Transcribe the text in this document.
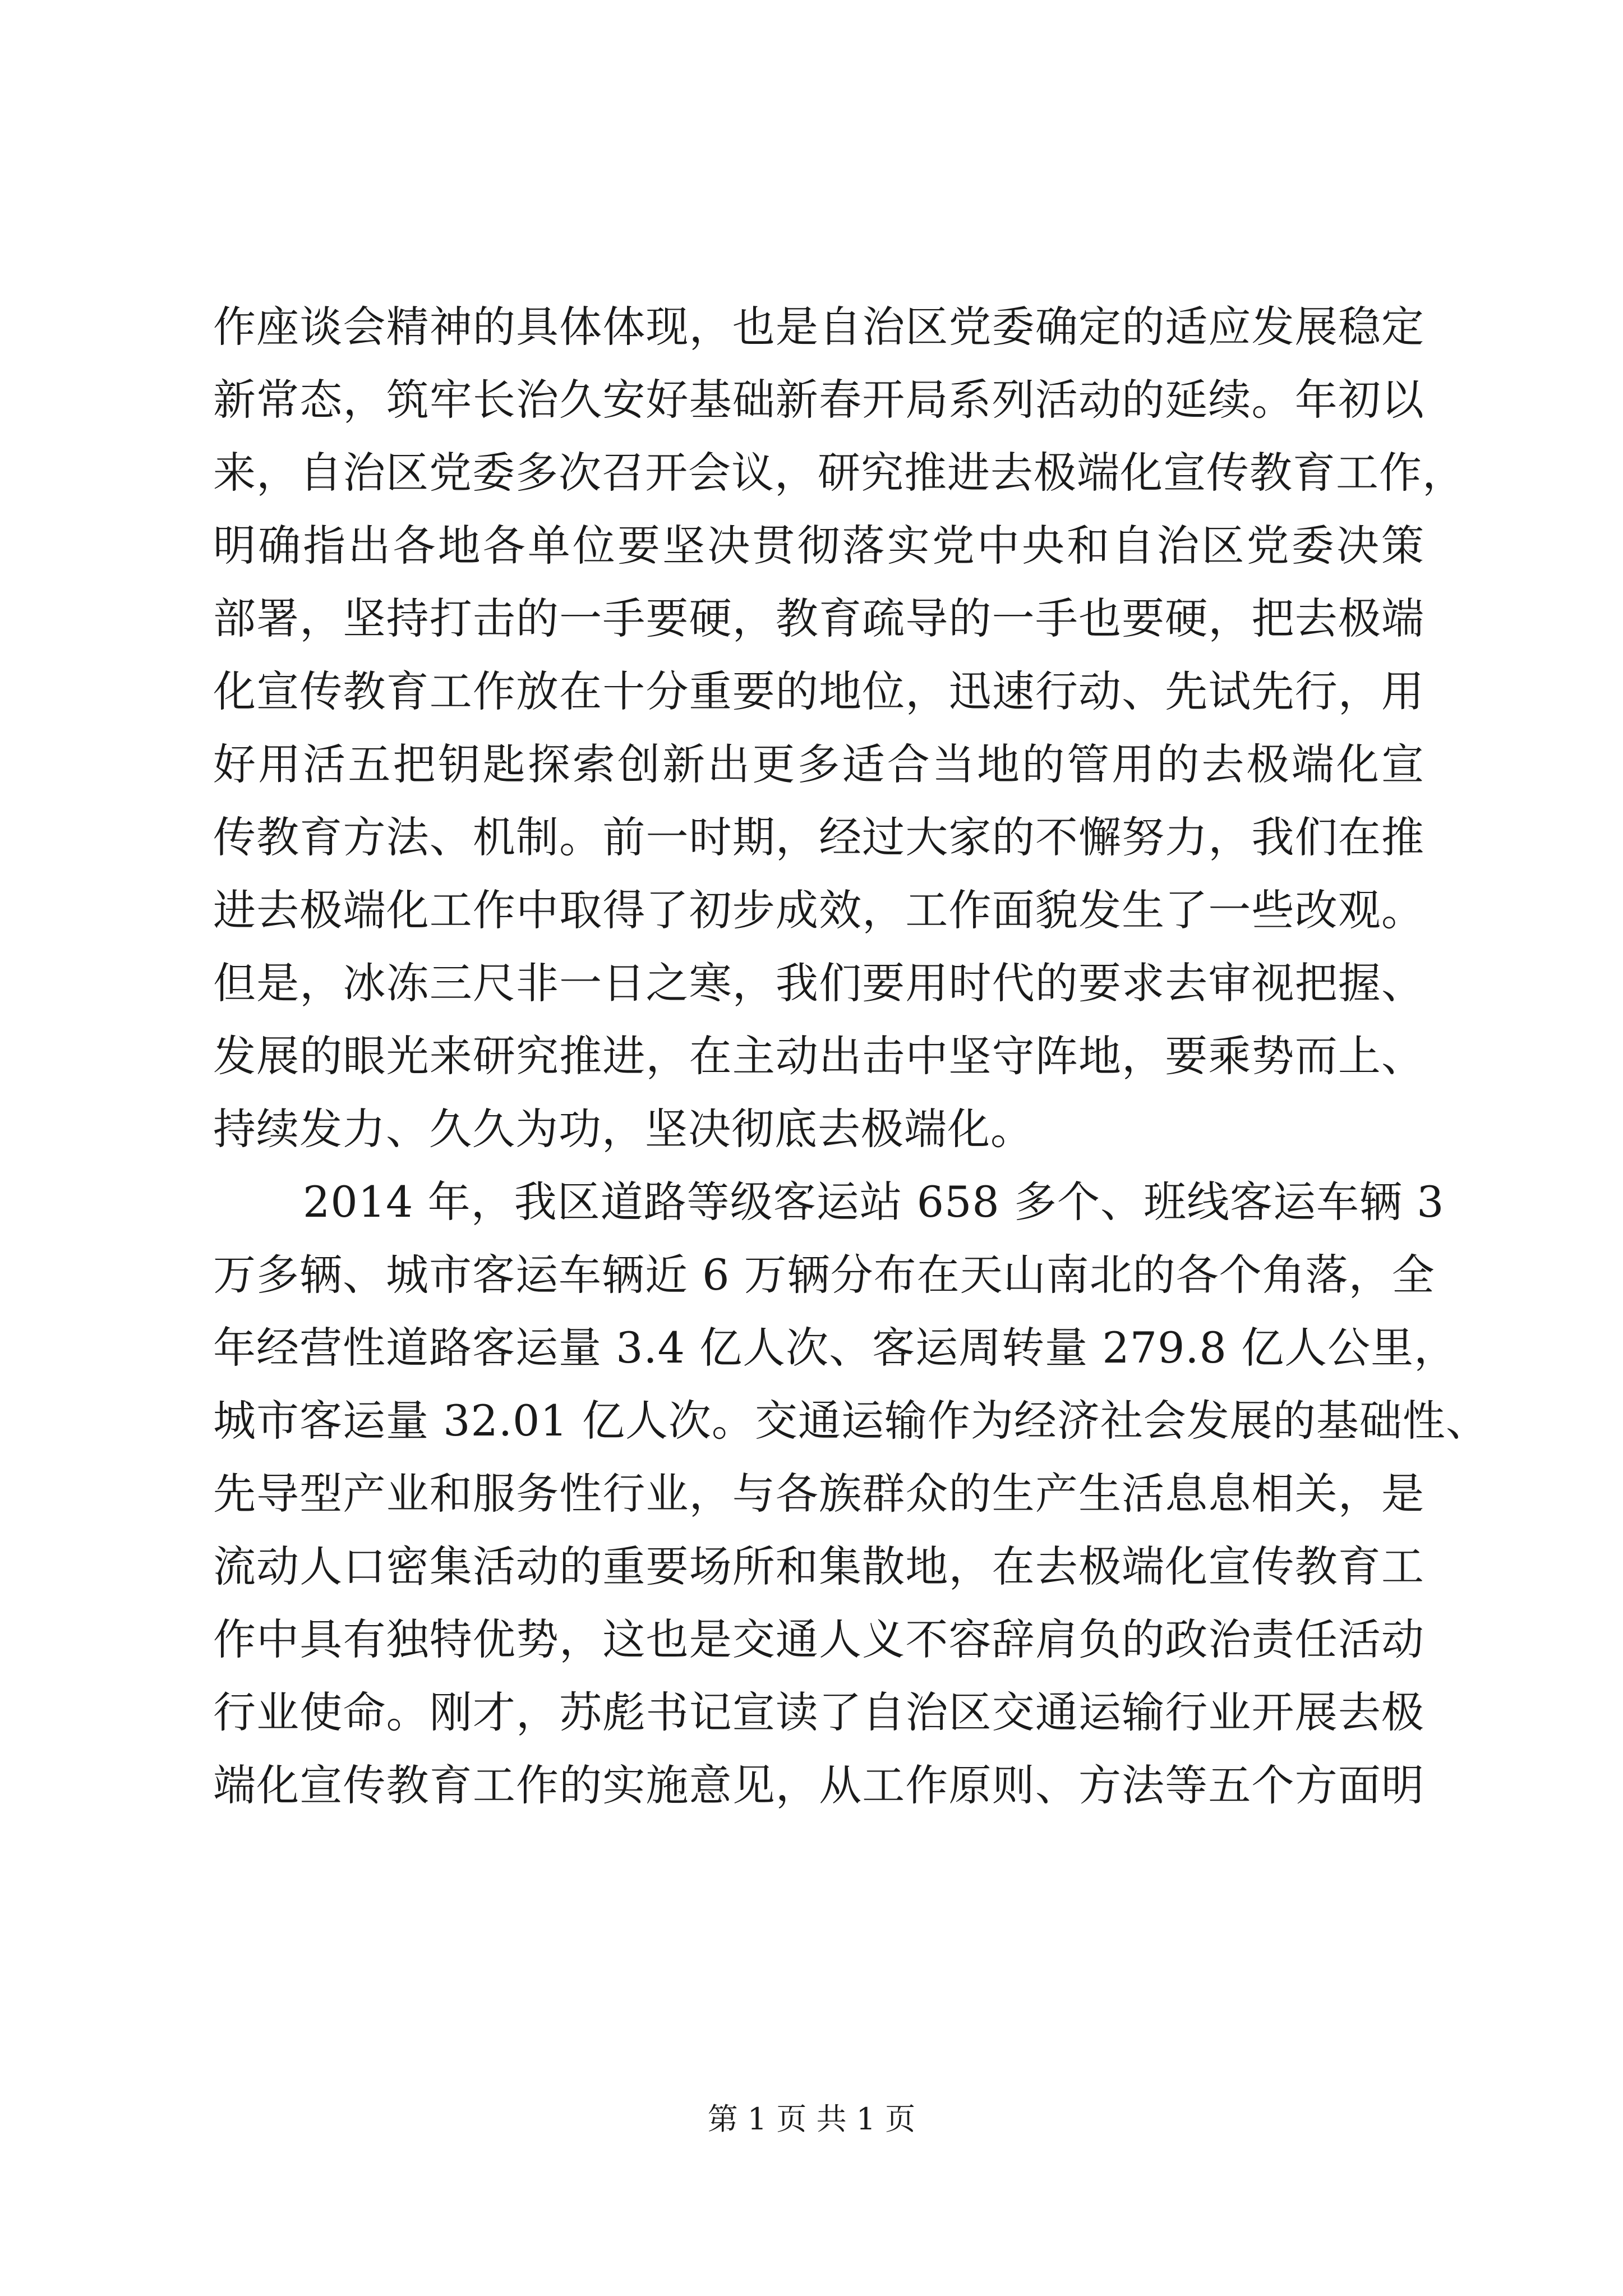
作座谈会精神的具体体现，也是自治区党委确定的适应发展稳定
新常态，筑牢长治久安好基础新春开局系列活动的延续。年初以
来，自治区党委多次召开会议，研究推进去极端化宣传教育工作，
明确指出各地各单位要坚决贯彻落实党中央和自治区党委决策
部署，坚持打击的一手要硬，教育疏导的一手也要硬，把去极端
化宣传教育工作放在十分重要的地位，迅速行动、先试先行，用
好用活五把钥匙探索创新出更多适合当地的管用的去极端化宣
传教育方法、机制。前一时期，经过大家的不懈努力，我们在推
进去极端化工作中取得了初步成效，工作面貌发生了一些改观。
但是，冰冻三尺非一日之寒，我们要用时代的要求去审视把握、
发展的眼光来研究推进，在主动出击中坚守阵地，要乘势而上、
持续发力、久久为功，坚决彻底去极端化。
2014 年，我区道路等级客运站 658 多个、班线客运车辆 3
万多辆、城市客运车辆近 6 万辆分布在天山南北的各个角落，全
年经营性道路客运量 3.4 亿人次、客运周转量 279.8 亿人公里，
城市客运量 32.01 亿人次。交通运输作为经济社会发展的基础性、
先导型产业和服务性行业，与各族群众的生产生活息息相关，是
流动人口密集活动的重要场所和集散地，在去极端化宣传教育工
作中具有独特优势，这也是交通人义不容辞肩负的政治责任活动
行业使命。刚才，苏彪书记宣读了自治区交通运输行业开展去极
端化宣传教育工作的实施意见，从工作原则、方法等五个方面明
第 1 页 共 1 页
